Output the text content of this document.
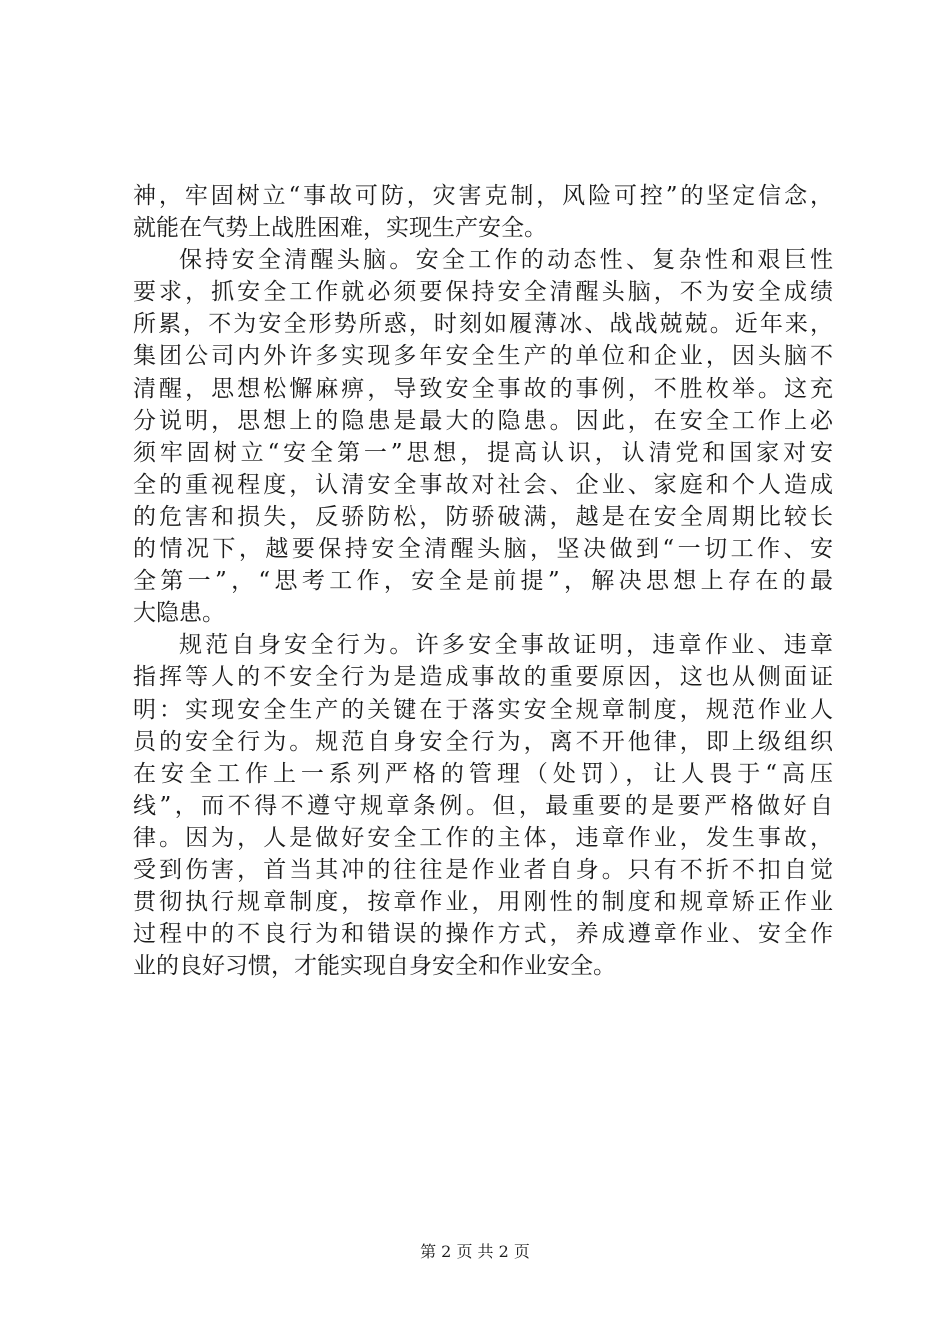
神，牢固树立“事故可防，灾害克制，风险可控”的坚定信念，
就能在气势上战胜困难，实现生产安全。
保持安全清醒头脑。安全工作的动态性、复杂性和艰巨性
要求，抓安全工作就必须要保持安全清醒头脑，不为安全成绩
所累，不为安全形势所惑，时刻如履薄冰、战战兢兢。近年来，
集团公司内外许多实现多年安全生产的单位和企业，因头脑不
清醒，思想松懈麻痹，导致安全事故的事例，不胜枚举。这充
分说明，思想上的隐患是最大的隐患。因此，在安全工作上必
须牢固树立“安全第一”思想，提高认识，认清党和国家对安
全的重视程度，认清安全事故对社会、企业、家庭和个人造成
的危害和损失，反骄防松，防骄破满，越是在安全周期比较长
的情况下，越要保持安全清醒头脑，坚决做到“一切工作、安
全第一”，“思考工作，安全是前提”，解决思想上存在的最
大隐患。
规范自身安全行为。许多安全事故证明，违章作业、违章
指挥等人的不安全行为是造成事故的重要原因，这也从侧面证
明：实现安全生产的关键在于落实安全规章制度，规范作业人
员的安全行为。规范自身安全行为，离不开他律，即上级组织
在安全工作上一系列严格的管理（处罚），让人畏于“高压
线”，而不得不遵守规章条例。但，最重要的是要严格做好自
律。因为，人是做好安全工作的主体，违章作业，发生事故，
受到伤害，首当其冲的往往是作业者自身。只有不折不扣自觉
贯彻执行规章制度，按章作业，用刚性的制度和规章矫正作业
过程中的不良行为和错误的操作方式，养成遵章作业、安全作
业的良好习惯，才能实现自身安全和作业安全。
第 2 页 共 2 页
